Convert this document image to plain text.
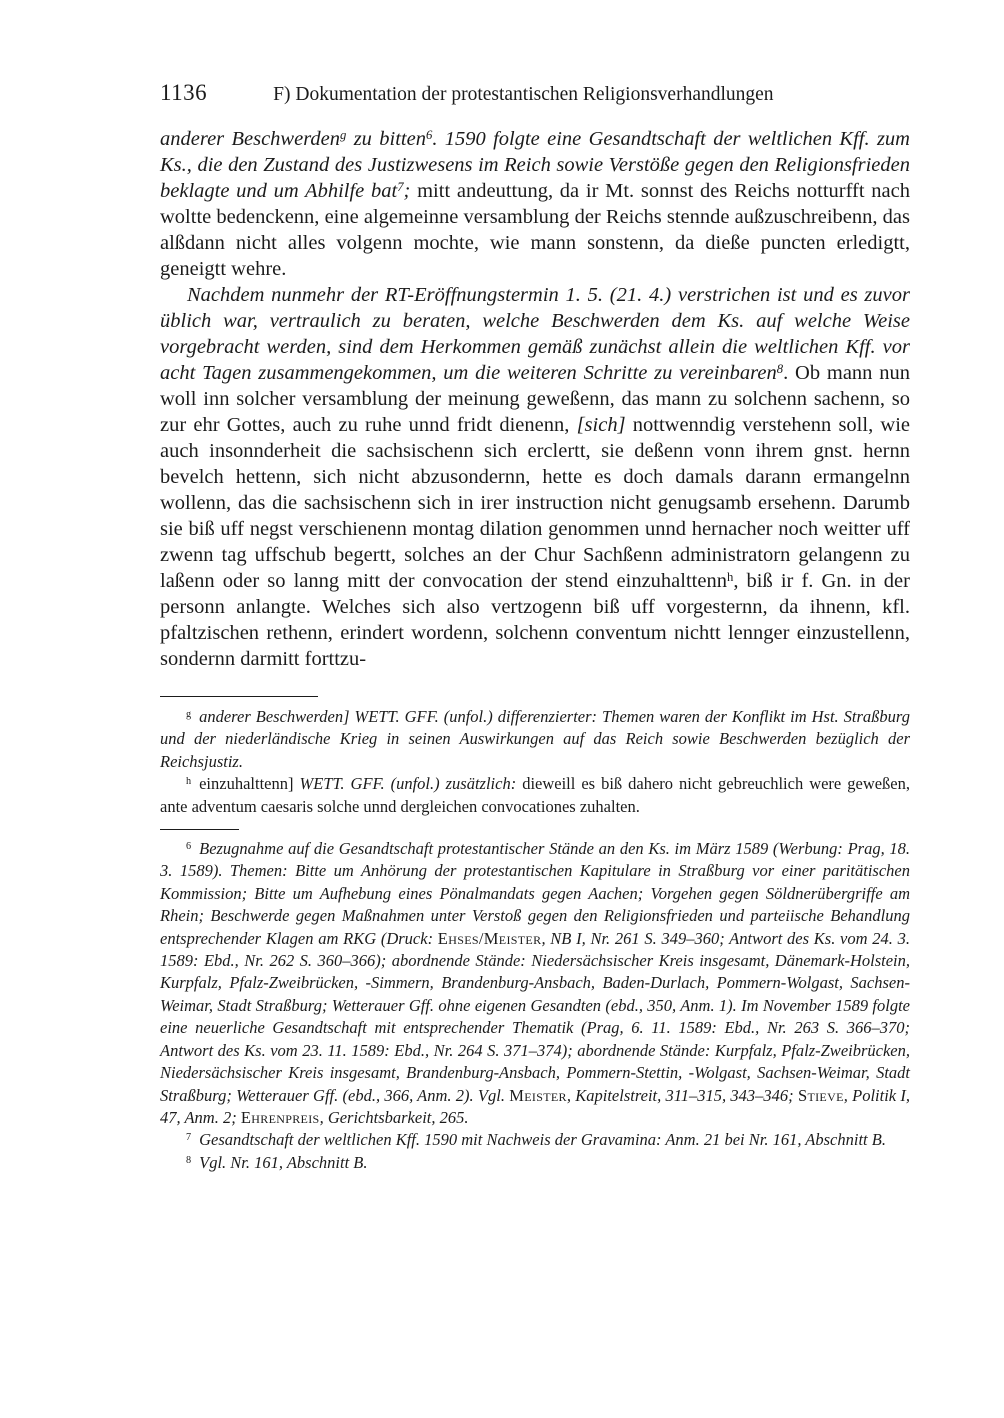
1136	F) Dokumentation der protestantischen Religionsverhandlungen

anderer Beschwerden$^g$ zu bitten$^6$. 1590 folgte eine Gesandtschaft der weltlichen Kff. zum Ks., die den Zustand des Justizwesens im Reich sowie Verstöße gegen den Religionsfrieden beklagte und um Abhilfe bat$^7$; mitt andeuttung, da ir Mt. sonnst des Reichs notturfft nach woltte bedenckenn, eine algemeinne versamblung der Reichs stennde außzuschreibenn, das alßdann nicht alles volgenn mochte, wie mann sonstenn, da dieße puncten erledigtt, geneigtt wehre.

Nachdem nunmehr der RT-Eröffnungstermin 1. 5. (21. 4.) verstrichen ist und es zuvor üblich war, vertraulich zu beraten, welche Beschwerden dem Ks. auf welche Weise vorgebracht werden, sind dem Herkommen gemäß zunächst allein die weltlichen Kff. vor acht Tagen zusammengekommen, um die weiteren Schritte zu vereinbaren$^8$. Ob mann nun woll inn solcher versamblung der meinung geweßenn, das mann zu solchenn sachenn, so zur ehr Gottes, auch zu ruhe unnd fridt dienenn, [sich] nottwenndig verstehenn soll, wie auch insonnderheit die sachsischenn sich erclertt, sie deßenn vonn ihrem gnst. hernn bevelch hettenn, sich nicht abzusondernn, hette es doch damals darann ermangelnn wollenn, das die sachsischenn sich in irer instruction nicht genugsamb ersehenn. Darumb sie biß uff negst verschienenn montag dilation genommen unnd hernacher noch weitter uff zwenn tag uffschub begertt, solches an der Chur Sachßenn administratorn gelangenn zu laßenn oder so lanng mitt der convocation der stend einzuhalttenn$^h$, biß ir f. Gn. in der personn anlangte. Welches sich also vertzogenn biß uff vorgesternn, da ihnenn, kfl. pfaltzischen rethenn, erindert wordenn, solchenn conventum nichtt lennger einzustellenn, sondernn darmitt forttzu-

$^g$ anderer Beschwerden] WETT. GFF. (unfol.) differenzierter: Themen waren der Konflikt im Hst. Straßburg und der niederländische Krieg in seinen Auswirkungen auf das Reich sowie Beschwerden bezüglich der Reichsjustiz.

$^h$ einzuhalttenn] WETT. GFF. (unfol.) zusätzlich: dieweill es biß dahero nicht gebreuchlich were geweßen, ante adventum caesaris solche unnd dergleichen convocationes zuhalten.

$^6$ Bezugnahme auf die Gesandtschaft protestantischer Stände an den Ks. im März 1589 (Werbung: Prag, 18. 3. 1589). Themen: Bitte um Anhörung der protestantischen Kapitulare in Straßburg vor einer paritätischen Kommission; Bitte um Aufhebung eines Pönalmandats gegen Aachen; Vorgehen gegen Söldnerübergriffe am Rhein; Beschwerde gegen Maßnahmen unter Verstoß gegen den Religionsfrieden und parteiische Behandlung entsprechender Klagen am RKG (Druck: Ehses/Meister, NB I, Nr. 261 S. 349–360; Antwort des Ks. vom 24. 3. 1589: Ebd., Nr. 262 S. 360–366); abordnende Stände: Niedersächsischer Kreis insgesamt, Dänemark-Holstein, Kurpfalz, Pfalz-Zweibrücken, -Simmern, Brandenburg-Ansbach, Baden-Durlach, Pommern-Wolgast, Sachsen-Weimar, Stadt Straßburg; Wetterauer Gff. ohne eigenen Gesandten (ebd., 350, Anm. 1). Im November 1589 folgte eine neuerliche Gesandtschaft mit entsprechender Thematik (Prag, 6. 11. 1589: Ebd., Nr. 263 S. 366–370; Antwort des Ks. vom 23. 11. 1589: Ebd., Nr. 264 S. 371–374); abordnende Stände: Kurpfalz, Pfalz-Zweibrücken, Niedersächsischer Kreis insgesamt, Brandenburg-Ansbach, Pommern-Stettin, -Wolgast, Sachsen-Weimar, Stadt Straßburg; Wetterauer Gff. (ebd., 366, Anm. 2). Vgl. Meister, Kapitelstreit, 311–315, 343–346; Stieve, Politik I, 47, Anm. 2; Ehrenpreis, Gerichtsbarkeit, 265.

$^7$ Gesandtschaft der weltlichen Kff. 1590 mit Nachweis der Gravamina: Anm. 21 bei Nr. 161, Abschnitt B.

$^8$ Vgl. Nr. 161, Abschnitt B.
